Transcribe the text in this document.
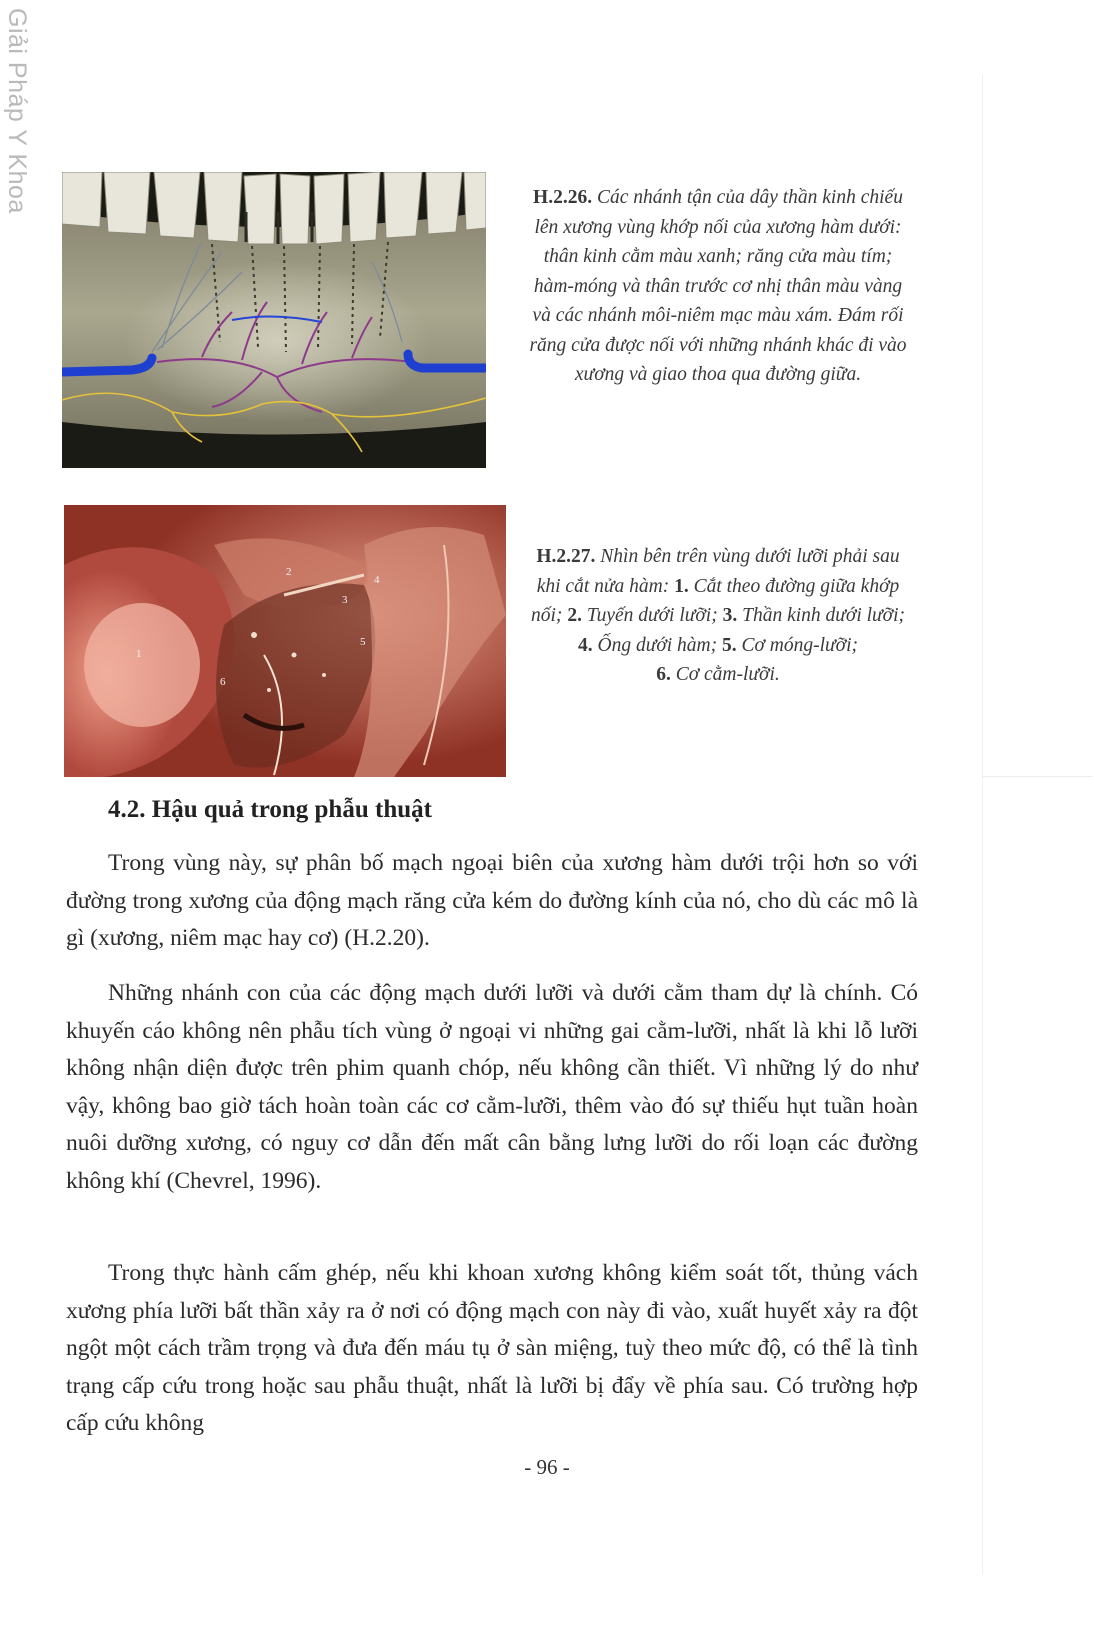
Giải Pháp Y Khoa	H.2.26. Các nhánh tận của dây thần kinh chiếu lên xương vùng khớp nối của xương hàm dưới: thân kinh cằm màu xanh; răng cửa màu tím; hàm-móng và thân trước cơ nhị thân màu vàng và các nhánh môi-niêm mạc màu xám. Đám rối răng cửa được nối với những nhánh khác đi vào xương và giao thoa qua đường giữa.
1
2
3
4
5
6
H.2.27. Nhìn bên trên vùng dưới lưỡi phải sau khi cắt nửa hàm: 1. Cắt theo đường giữa khớp nối; 2. Tuyến dưới lưỡi; 3. Thần kinh dưới lưỡi;
4. Ống dưới hàm; 5. Cơ móng-lưỡi;
6. Cơ cằm-lưỡi.
4.2. Hậu quả trong phẫu thuật

Trong vùng này, sự phân bố mạch ngoại biên của xương hàm dưới trội hơn so với đường trong xương của động mạch răng cửa kém do đường kính của nó, cho dù các mô là gì (xương, niêm mạc hay cơ) (H.2.20).

Những nhánh con của các động mạch dưới lưỡi và dưới cằm tham dự là chính. Có khuyến cáo không nên phẫu tích vùng ở ngoại vi những gai cằm-lưỡi, nhất là khi lỗ lưỡi không nhận diện được trên phim quanh chóp, nếu không cần thiết. Vì những lý do như vậy, không bao giờ tách hoàn toàn các cơ cằm-lưỡi, thêm vào đó sự thiếu hụt tuần hoàn nuôi dưỡng xương, có nguy cơ dẫn đến mất cân bằng lưng lưỡi do rối loạn các đường không khí (Chevrel, 1996).

Trong thực hành cấm ghép, nếu khi khoan xương không kiểm soát tốt, thủng vách xương phía lưỡi bất thần xảy ra ở nơi có động mạch con này đi vào, xuất huyết xảy ra đột ngột một cách trầm trọng và đưa đến máu tụ ở sàn miệng, tuỳ theo mức độ, có thể là tình trạng cấp cứu trong hoặc sau phẫu thuật, nhất là lưỡi bị đẩy về phía sau. Có trường hợp cấp cứu không

- 96 -
